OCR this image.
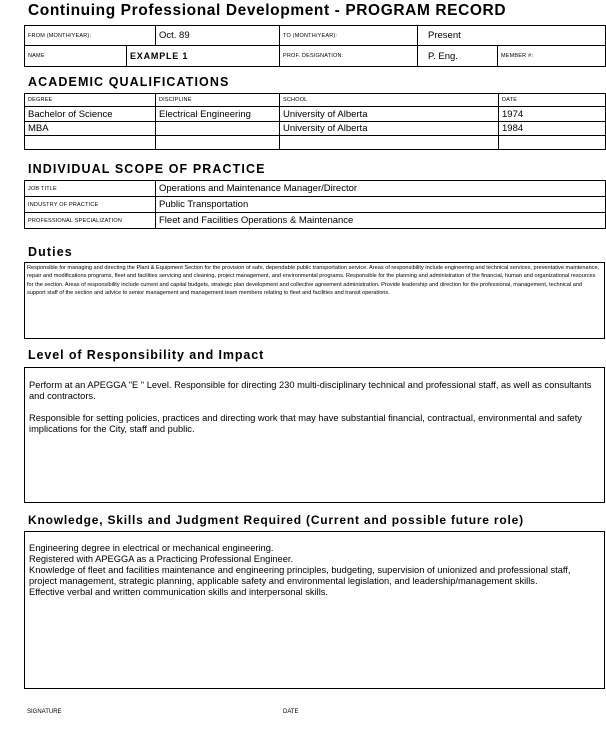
Continuing Professional Development - PROGRAM RECORD
FROM (MONTH/YEAR):	Oct. 89	TO (MONTH/YEAR):	Present
NAME	EXAMPLE 1	PROF. DESIGNATION:	P. Eng.	MEMBER #:
ACADEMIC QUALIFICATIONS
DEGREE	DISCIPLINE	SCHOOL	DATE
Bachelor of Science	Electrical Engineering	University of Alberta	1974
MBA		University of Alberta	1984

INDIVIDUAL SCOPE OF PRACTICE
JOB TITLE	Operations and Maintenance Manager/Director
INDUSTRY OF PRACTICE	Public Transportation
PROFESSIONAL SPECIALIZATION	Fleet and Facilities Operations & Maintenance
Duties
Responsible for managing and directing the Plant & Equipment Section for the provision of safe, dependable public transportation service. Areas of responsibility include engineering and technical services, preventative maintenance, repair and modifications programs, fleet and facilities servicing and cleaning, project management, and environmental programs. Responsible for the planning and administration of the financial, human and organizational resources for the section. Areas of responsibility include current and capital budgets, strategic plan development and collective agreement administration. Provide leadership and direction for the professional, management, technical and support staff of the section and advice to senior management and management team members relating to fleet and facilities and transit operations.
Level of Responsibility and Impact

Perform at an APEGGA "E " Level. Responsible for directing 230 multi-disciplinary technical and professional staff, as well as consultants and contractors.

Responsible for setting policies, practices and directing work that may have substantial financial, contractual, environmental and safety implications for the City, staff and public.

Knowledge, Skills and Judgment Required (Current and possible future role)

Engineering degree in electrical or mechanical engineering.

Registered with APEGGA as a Practicing Professional Engineer.

Knowledge of fleet and facilities maintenance and engineering principles, budgeting, supervision of unionized and professional staff, project management, strategic planning, applicable safety and environmental legislation, and leadership/management skills.

Effective verbal and written communication skills and interpersonal skills.

SIGNATURE	DATE
